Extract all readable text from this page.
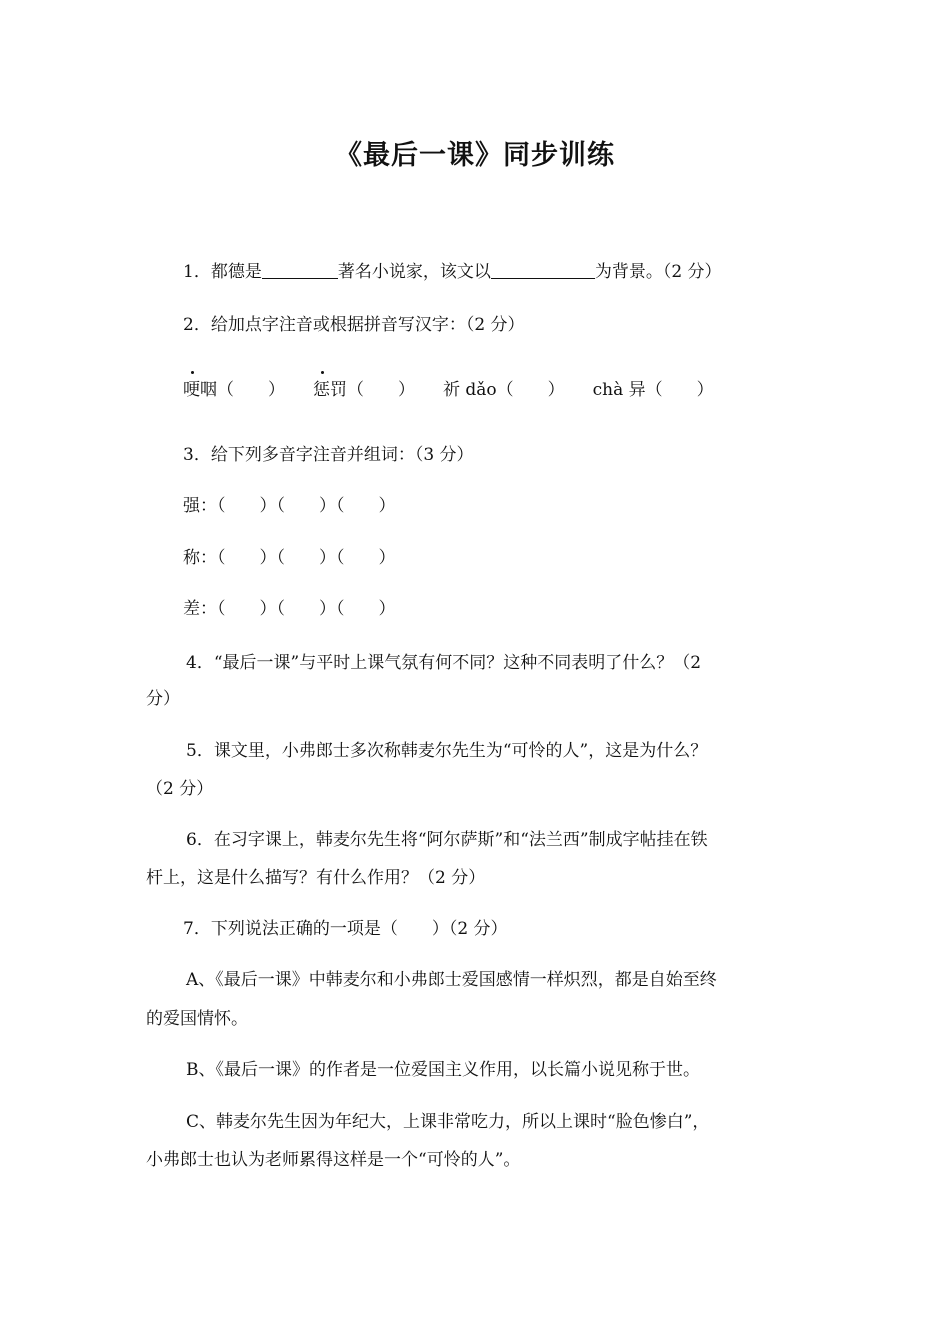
《最后一课》同步训练
1．都德是	著名小说家，该文以	为背景。（2 分）
2．给加点字注音或根据拼音写汉字：（2 分）
哽咽（　　） 惩罚（　　） 祈 dǎo（　　） chà 异（　　）
3．给下列多音字注音并组词：（3 分）
强：（　　）（　　）（　　）
称：（　　）（　　）（　　）
差：（　　）（　　）（　　）
4．“最后一课”与平时上课气氛有何不同？这种不同表明了什么？（2
分）
5．课文里，小弗郎士多次称韩麦尔先生为“可怜的人”，这是为什么？
（2 分）
6．在习字课上，韩麦尔先生将“阿尔萨斯”和“法兰西”制成字帖挂在铁
杆上，这是什么描写？有什么作用？（2 分）
7．下列说法正确的一项是（　　）（2 分）
A、《最后一课》中韩麦尔和小弗郎士爱国感情一样炽烈，都是自始至终
的爱国情怀。
B、《最后一课》的作者是一位爱国主义作用，以长篇小说见称于世。
C、韩麦尔先生因为年纪大，上课非常吃力，所以上课时“脸色惨白”，
小弗郎士也认为老师累得这样是一个“可怜的人”。
